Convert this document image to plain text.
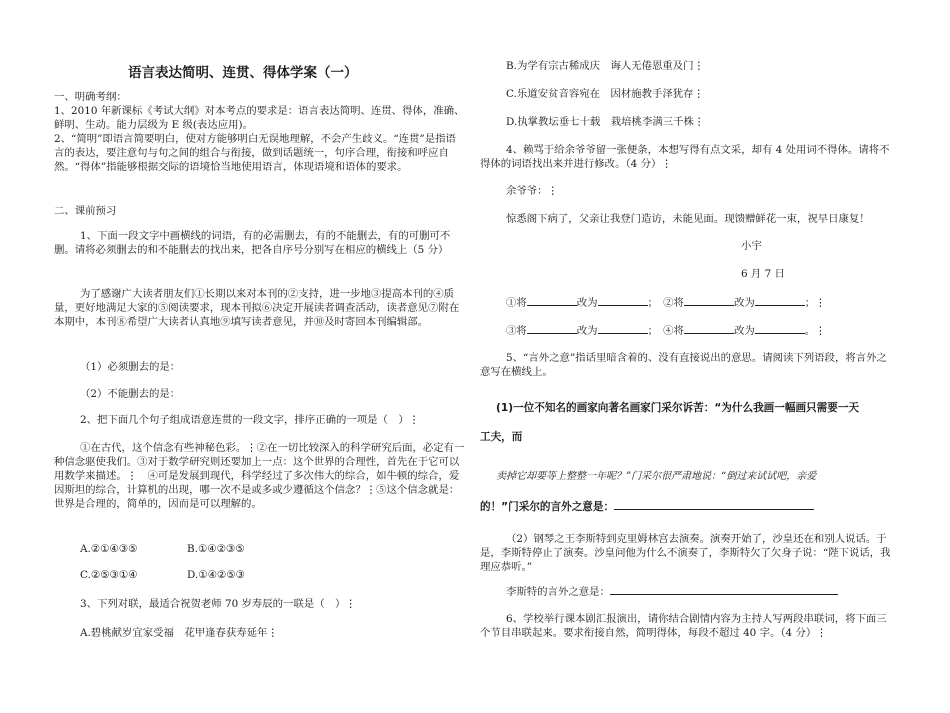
语言表达简明、连贯、得体学案（一）
一、明确考纲：
1、2010 年新课标《考试大纲》对本考点的要求是：语言表达简明、连贯、得体，准确、鲜明、生动。能力层级为 E 级(表达应用)。
2、“简明”即语言简要明白，使对方能够明白无误地理解，不会产生歧义。“连贯”是指语言的表达，要注意句与句之间的组合与衔接，做到话题统一，句序合理，衔接和呼应自然。“得体”指能够根据交际的语境恰当地使用语言，体现语境和语体的要求。
二、课前预习
1、下面一段文字中画横线的词语，有的必需删去，有的不能删去，有的可删可不删。请将必须删去的和不能删去的找出来，把各自序号分别写在相应的横线上（5 分）
为了感谢广大读者朋友们①长期以来对本刊的②支持，进一步地③提高本刊的④质量，更好地满足大家的⑤阅读要求，现本刊拟⑥决定开展读者调查活动，读者意见⑦附在本期中，本刊⑧希望广大读者认真地⑨填写读者意见，并⑩及时寄回本刊编辑部。
（1）必须删去的是：
（2）不能删去的是：
2、把下面几个句子组成语意连贯的一段文字，排序正确的一项是（　）⋮
①在古代，这个信念有些神秘色彩。⋮②在一切比较深入的科学研究后面，必定有一种信念驱使我们。③对于数学研究则还要加上一点：这个世界的合理性，首先在于它可以用数学来描述。⋮　④可是发展到现代，科学经过了多次伟大的综合，如牛顿的综合，爱因斯坦的综合，计算机的出现，哪一次不是或多或少遵循这个信念？⋮⑤这个信念就是：世界是合理的，简单的，因而是可以理解的。
A.②①④③⑤	B.①④②③⑤
C.②⑤③①④	D.①④②⑤③
3、下列对联，最适合祝贺老师 70 岁寿辰的一联是（　）⋮
A.碧桃献岁宜家受福　花甲逢春获寿延年⋮
B.为学有宗古稀成庆　诲人无倦恩重及门⋮
C.乐道安贫音容宛在　因材施教手泽犹存⋮
D.执掌教坛垂七十载　栽培桃李满三千株⋮
4、赖骂于给余爷爷留一张便条，本想写得有点文采，却有 4 处用词不得体。请将不得体的词语找出来并进行修改。（4 分）⋮
余爷爷：⋮
惊悉阁下病了，父亲让我登门造访，未能见面。现馈赠鲜花一束，祝早日康复！
小宇
6 月 7 日
①将	改为	；　②将	改为	；⋮
③将	改为	；　④将	改为	。⋮
5、“言外之意”指话里暗含着的、没有直接说出的意思。请阅读下列语段，将言外之意写在横线上。
(1)一位不知名的画家向著名画家门采尔诉苦：“为什么我画一幅画只需要一天
工夫，而
卖掉它却要等上整整一年呢？”门采尔很严肃地说：“倒过来试试吧，亲爱
的！”门采尔的言外之意是：
（2）钢琴之王李斯特到克里姆林宫去演奏。演奏开始了，沙皇还在和别人说话。于是，李斯特停止了演奏。沙皇问他为什么不演奏了，李斯特欠了欠身子说：“陛下说话，我理应恭听。”
李斯特的言外之意是：
6、学校举行课本剧汇报演出，请你结合剧情内容为主持人写两段串联词，将下面三个节目串联起来。要求衔接自然，简明得体，每段不超过 40 字。（4 分）⋮
